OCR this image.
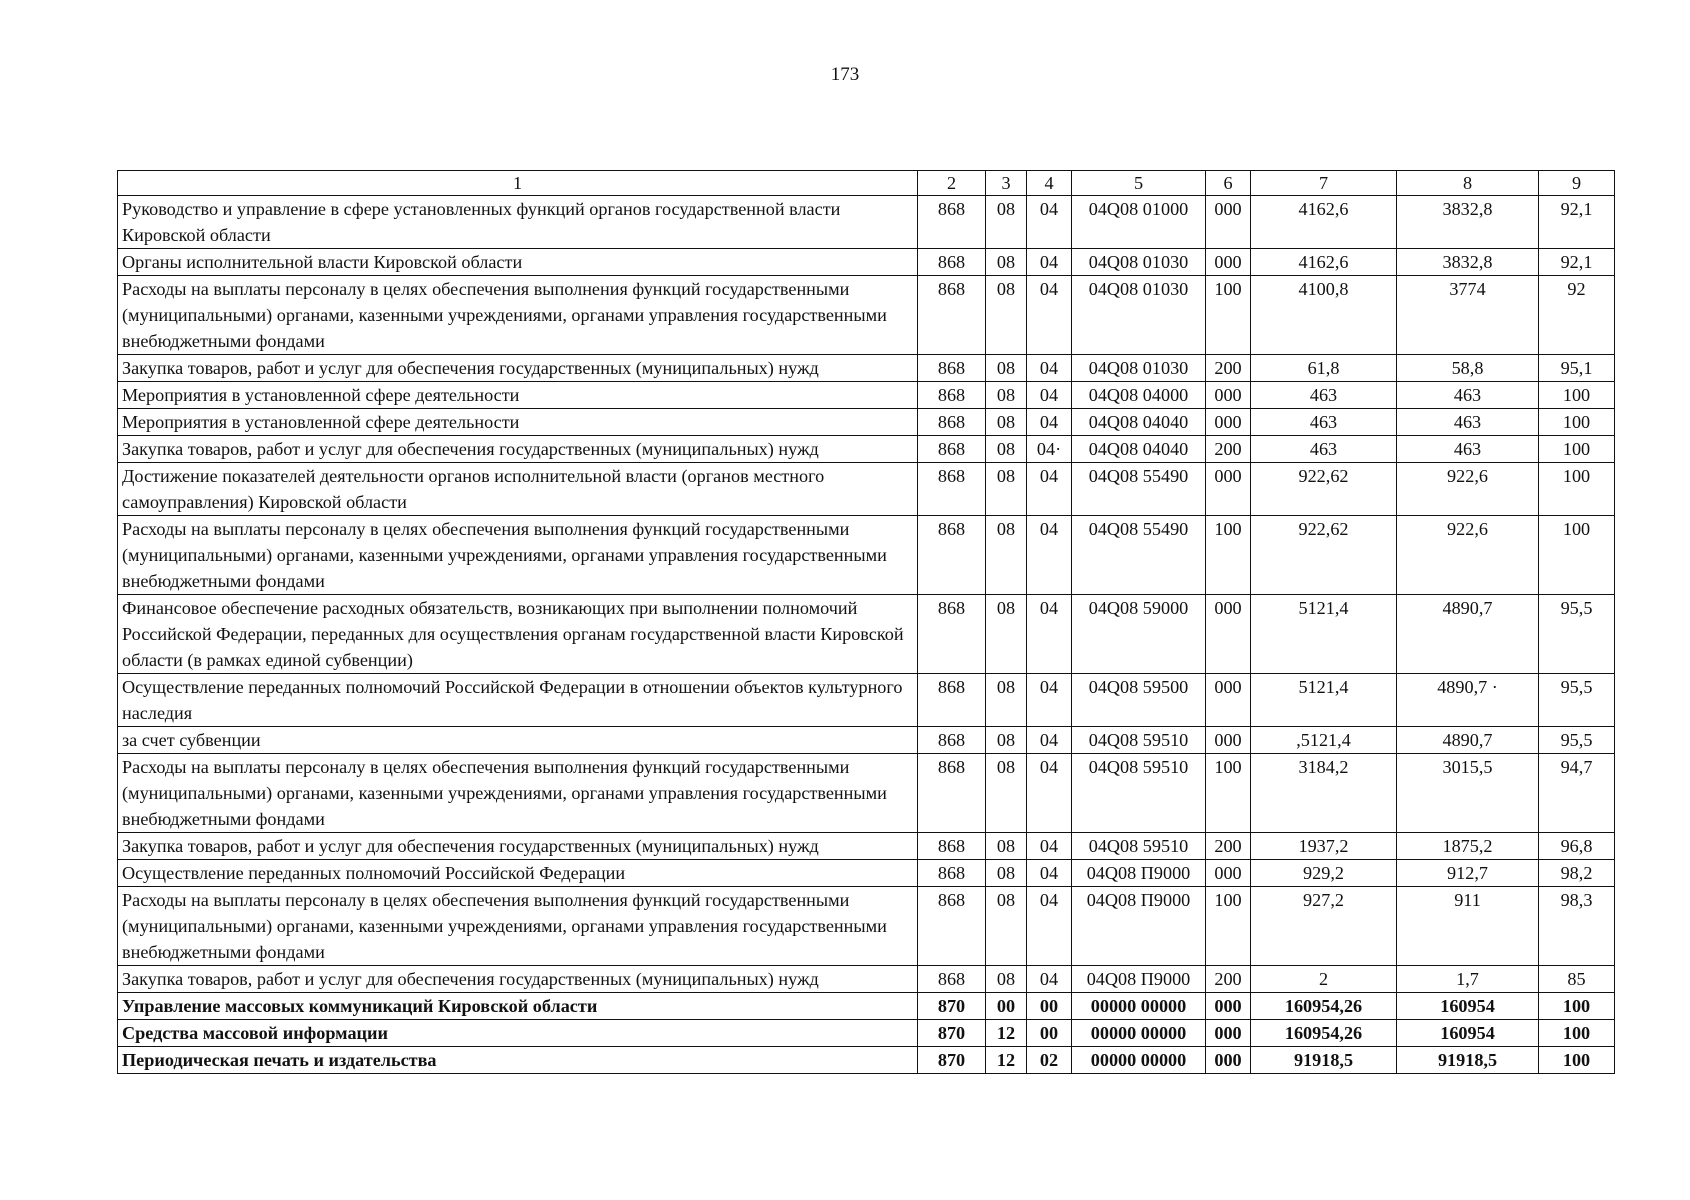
173
1	2	3	4	5	6	7	8	9
Руководство и управление в сфере установленных функций органов государственной власти Кировской области	868	08	04	04Q08 01000	000	4162,6	3832,8	92,1
Органы исполнительной власти Кировской области	868	08	04	04Q08 01030	000	4162,6	3832,8	92,1
Расходы на выплаты персоналу в целях обеспечения выполнения функций государственными (муниципальными) органами, казенными учреждениями, органами управления государственными внебюджетными фондами	868	08	04	04Q08 01030	100	4100,8	3774	92
Закупка товаров, работ и услуг для обеспечения государственных (муниципальных) нужд	868	08	04	04Q08 01030	200	61,8	58,8	95,1
Мероприятия в установленной сфере деятельности	868	08	04	04Q08 04000	000	463	463	100
Мероприятия в установленной сфере деятельности	868	08	04	04Q08 04040	000	463	463	100
Закупка товаров, работ и услуг для обеспечения государственных (муниципальных) нужд	868	08	04·	04Q08 04040	200	463	463	100
Достижение показателей деятельности органов исполнительной власти (органов местного самоуправления) Кировской области	868	08	04	04Q08 55490	000	922,62	922,6	100
Расходы на выплаты персоналу в целях обеспечения выполнения функций государственными (муниципальными) органами, казенными учреждениями, органами управления государственными внебюджетными фондами	868	08	04	04Q08 55490	100	922,62	922,6	100
Финансовое обеспечение расходных обязательств, возникающих при выполнении полномочий Российской Федерации, переданных для осуществления органам государственной власти Кировской области (в рамках единой субвенции)	868	08	04	04Q08 59000	000	5121,4	4890,7	95,5
Осуществление переданных полномочий Российской Федерации в отношении объектов культурного наследия	868	08	04	04Q08 59500	000	5121,4	4890,7 ·	95,5
за счет субвенции	868	08	04	04Q08 59510	000	,5121,4	4890,7	95,5
Расходы на выплаты персоналу в целях обеспечения выполнения функций государственными (муниципальными) органами, казенными учреждениями, органами управления государственными внебюджетными фондами	868	08	04	04Q08 59510	100	3184,2	3015,5	94,7
Закупка товаров, работ и услуг для обеспечения государственных (муниципальных) нужд	868	08	04	04Q08 59510	200	1937,2	1875,2	96,8
Осуществление переданных полномочий Российской Федерации	868	08	04	04Q08 П9000	000	929,2	912,7	98,2
Расходы на выплаты персоналу в целях обеспечения выполнения функций государственными (муниципальными) органами, казенными учреждениями, органами управления государственными внебюджетными фондами	868	08	04	04Q08 П9000	100	927,2	911	98,3
Закупка товаров, работ и услуг для обеспечения государственных (муниципальных) нужд	868	08	04	04Q08 П9000	200	2	1,7	85
Управление массовых коммуникаций Кировской области	870	00	00	00000 00000	000	160954,26	160954	100
Средства массовой информации	870	12	00	00000 00000	000	160954,26	160954	100
Периодическая печать и издательства	870	12	02	00000 00000	000	91918,5	91918,5	100
